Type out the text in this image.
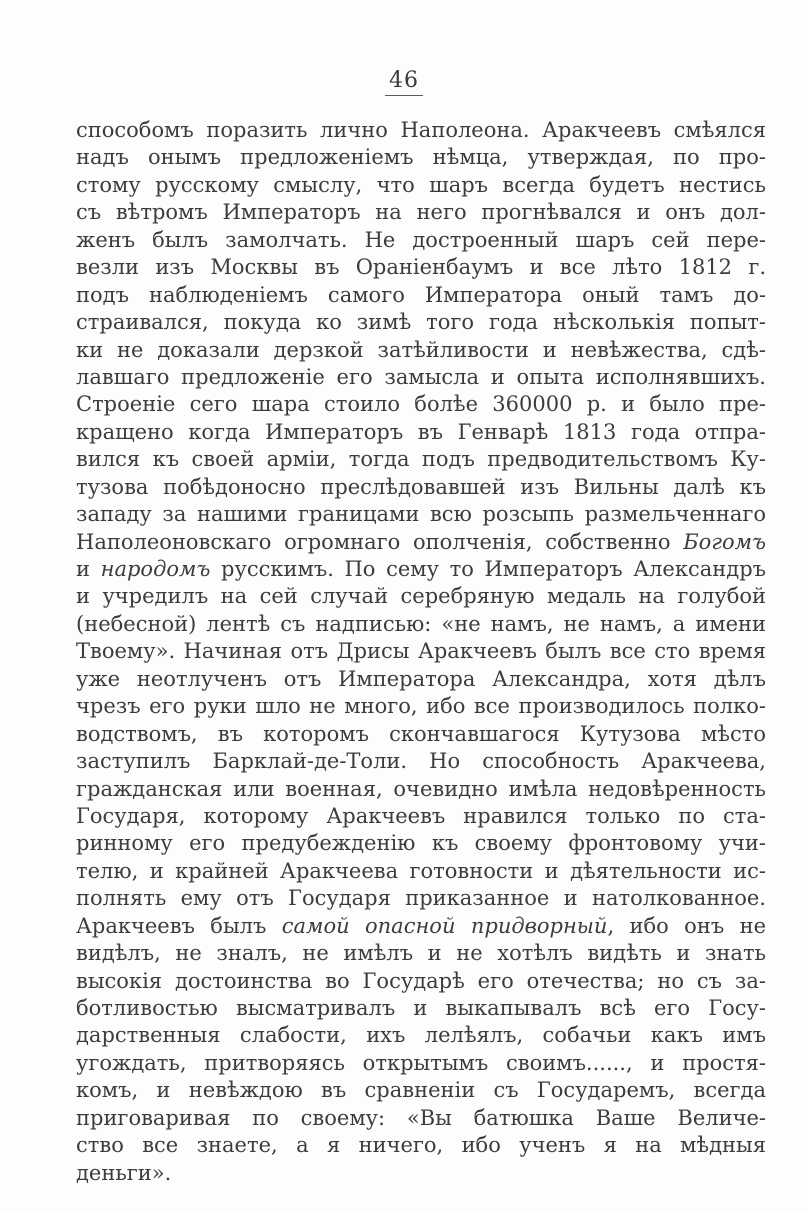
46
способомъ поразить лично Наполеона. Аракчеевъ смѣялся
надъ онымъ предложенiемъ нѣмца, утверждая, по про-
стому русскому смыслу, что шаръ всегда будетъ нестись
съ вѣтромъ Императоръ на него прогнѣвался и онъ дол-
женъ былъ замолчать. Не достроенный шаръ сей пере-
везли изъ Москвы въ Ораніенбаумъ и все лѣто 1812 г.
подъ наблюденiемъ самого Императора оный тамъ до-
страивался, покуда ко зимѣ того года нѣсколькiя попыт-
ки не доказали дерзкой затѣйливости и невѣжества, сдѣ-
лавшаго предложенiе его замысла и опыта исполнявшихъ.
Строенiе сего шара стоило болѣе 360000 р. и было пре-
кращено когда Императоръ въ Генварѣ 1813 года отпра-
вился къ своей армiи, тогда подъ предводительствомъ Ку-
тузова побѣдоносно преслѣдовавшей изъ Вильны далѣ къ
западу за нашими границами всю розсыпь размельченнаго
Наполеоновскаго огромнаго ополченiя, собственно Богомъ
и народомъ русскимъ. По сему то Императоръ Александръ
и учредилъ на сей случай серебряную медаль на голубой
(небесной) лентѣ съ надписью: «не намъ, не намъ, а имени
Твоему». Начиная отъ Дрисы Аракчеевъ былъ все сто время
уже неотлученъ отъ Императора Александра, хотя дѣлъ
чрезъ его руки шло не много, ибо все производилось полко-
водствомъ, въ которомъ скончавшагося Кутузова мѣсто
заступилъ Барклай-де-Толи. Но способность Аракчеева,
гражданская или военная, очевидно имѣла недовѣренность
Государя, которому Аракчеевъ нравился только по ста-
ринному его предубежденiю къ своему фронтовому учи-
телю, и крайней Аракчеева готовности и дѣятельности ис-
полнять ему отъ Государя приказанное и натолкованное.
Аракчеевъ былъ самой опасной придворный, ибо онъ не
видѣлъ, не зналъ, не имѣлъ и не хотѣлъ видѣть и знать
высокiя достоинства во Государѣ его отечества; но съ за-
ботливостью высматривалъ и выкапывалъ всѣ его Госу-
дарственныя слабости, ихъ лелѣялъ, собачьи какъ имъ
угождать, притворяясь открытымъ своимъ......, и простя-
комъ, и невѣждою въ сравненiи съ Государемъ, всегда
приговаривая по своему: «Вы батюшка Ваше Величе-
ство все знаете, а я ничего, ибо ученъ я на мѣдныя
деньги».
